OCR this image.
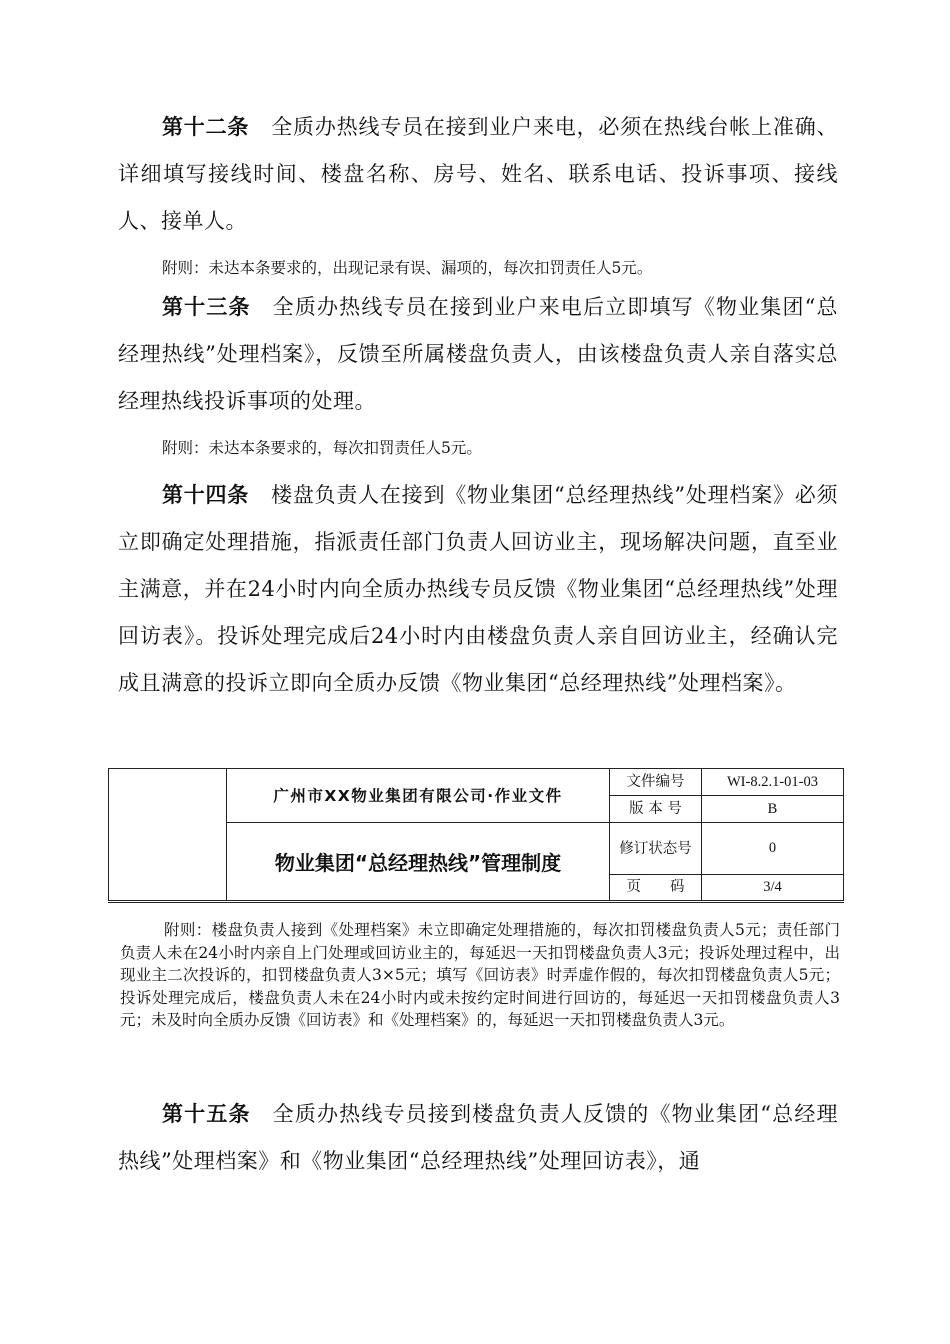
第十二条 全质办热线专员在接到业户来电，必须在热线台帐上准确、详细填写接线时间、楼盘名称、房号、姓名、联系电话、投诉事项、接线人、接单人。

附则：未达本条要求的，出现记录有误、漏项的，每次扣罚责任人5元。

第十三条 全质办热线专员在接到业户来电后立即填写《物业集团“总经理热线”处理档案》，反馈至所属楼盘负责人，由该楼盘负责人亲自落实总经理热线投诉事项的处理。

附则：未达本条要求的，每次扣罚责任人5元。

第十四条 楼盘负责人在接到《物业集团“总经理热线”处理档案》必须立即确定处理措施，指派责任部门负责人回访业主，现场解决问题，直至业主满意，并在24小时内向全质办热线专员反馈《物业集团“总经理热线”处理回访表》。投诉处理完成后24小时内由楼盘负责人亲自回访业主，经确认完成且满意的投诉立即向全质办反馈《物业集团“总经理热线”处理档案》。

	广州市XX物业集团有限公司·作业文件	文件编号	WI-8.2.1-01-03
		版 本 号	B
	物业集团“总经理热线”管理制度	修订状态号	0
		页　　码	3/4

附则：楼盘负责人接到《处理档案》未立即确定处理措施的，每次扣罚楼盘负责人5元；责任部门负责人未在24小时内亲自上门处理或回访业主的，每延迟一天扣罚楼盘负责人3元；投诉处理过程中，出现业主二次投诉的，扣罚楼盘负责人3×5元；填写《回访表》时弄虚作假的，每次扣罚楼盘负责人5元；投诉处理完成后，楼盘负责人未在24小时内或未按约定时间进行回访的，每延迟一天扣罚楼盘负责人3元；未及时向全质办反馈《回访表》和《处理档案》的，每延迟一天扣罚楼盘负责人3元。

第十五条 全质办热线专员接到楼盘负责人反馈的《物业集团“总经理热线”处理档案》和《物业集团“总经理热线”处理回访表》，通
